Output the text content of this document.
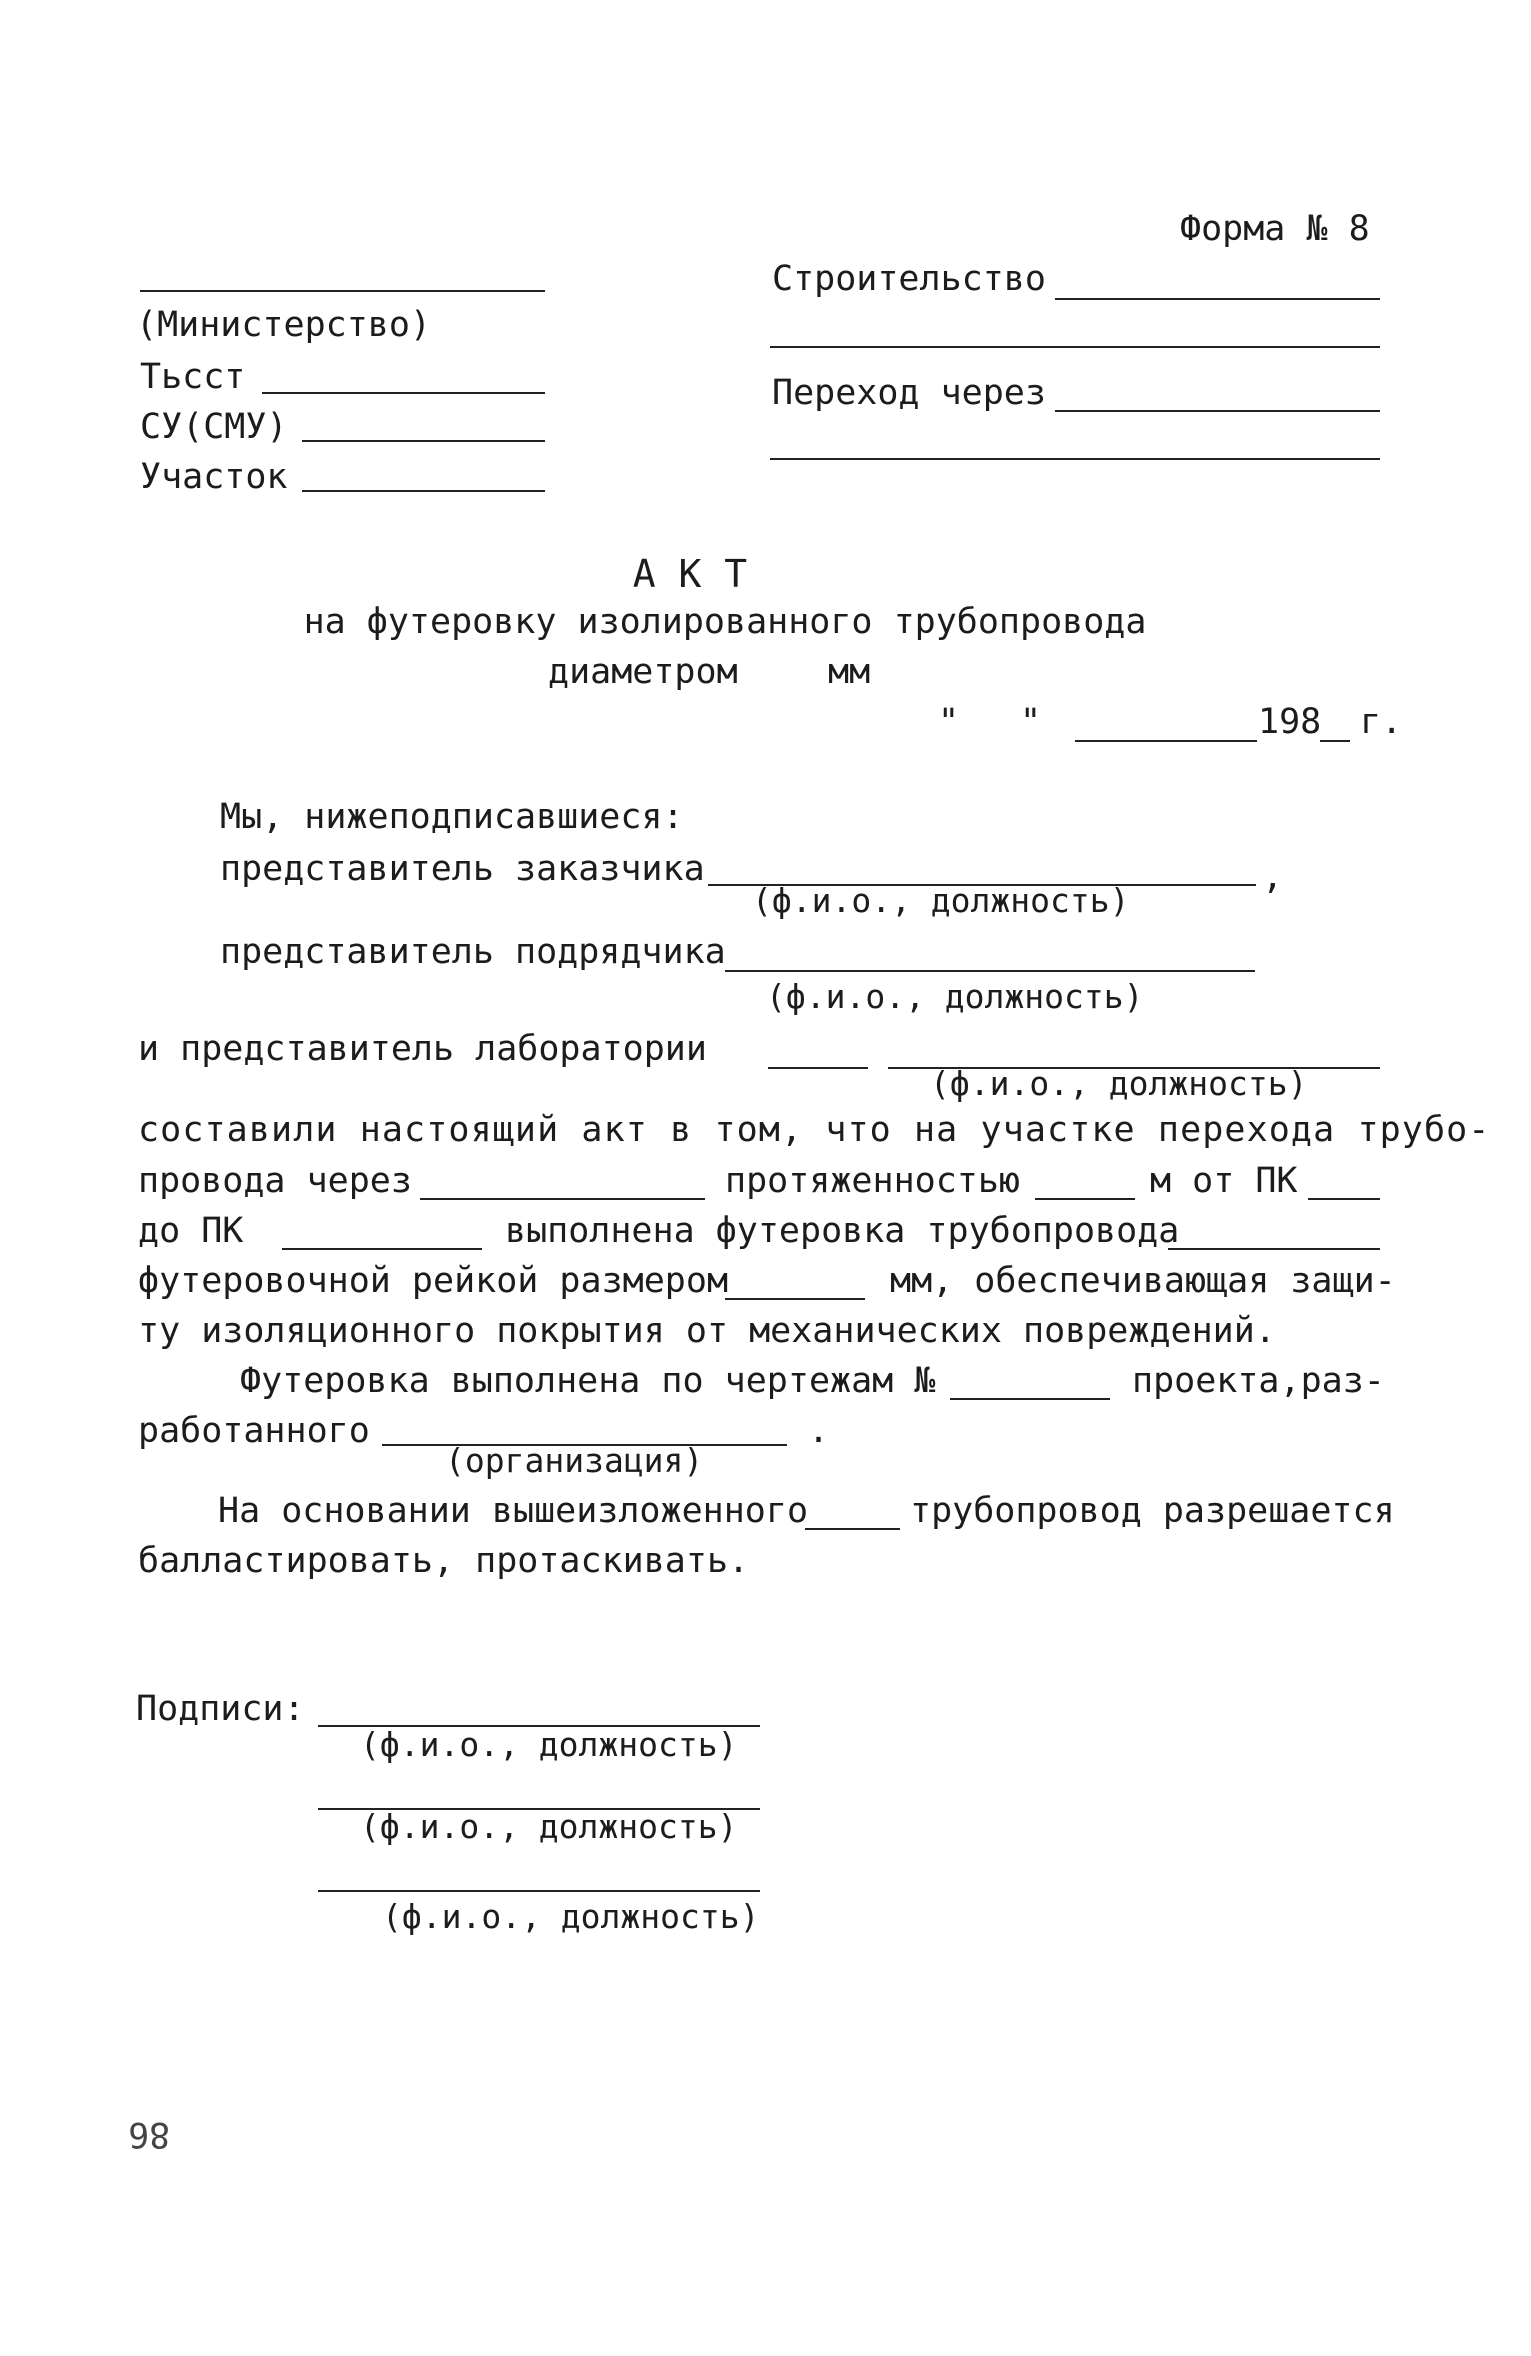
Форма № 8
Строительство
Переход через
(Министерство)
Тьсст
СУ(СМУ)
Участок
А К Т
на футеровку изолированного трубопровода
диаметром	мм
" "	198 г.
Мы, нижеподписавшиеся:
представитель заказчика	,
(ф.и.о., должность)
представитель подрядчика
(ф.и.о., должность)
и представитель лаборатории
(ф.и.о., должность)
составили настоящий акт в том, что на участке перехода трубо-
провода через	протяженностью	м от ПК
до ПК	выполнена футеровка трубопровода
футеровочной рейкой размером	мм, обеспечивающая защи-
ту изоляционного покрытия от механических повреждений.
Футеровка выполнена по чертежам №	проекта,раз-
работанного	.
(организация)
На основании вышеизложенного	трубопровод разрешается
балластировать, протаскивать.
Подписи:
(ф.и.о., должность)
(ф.и.о., должность)
(ф.и.о., должность)
86
